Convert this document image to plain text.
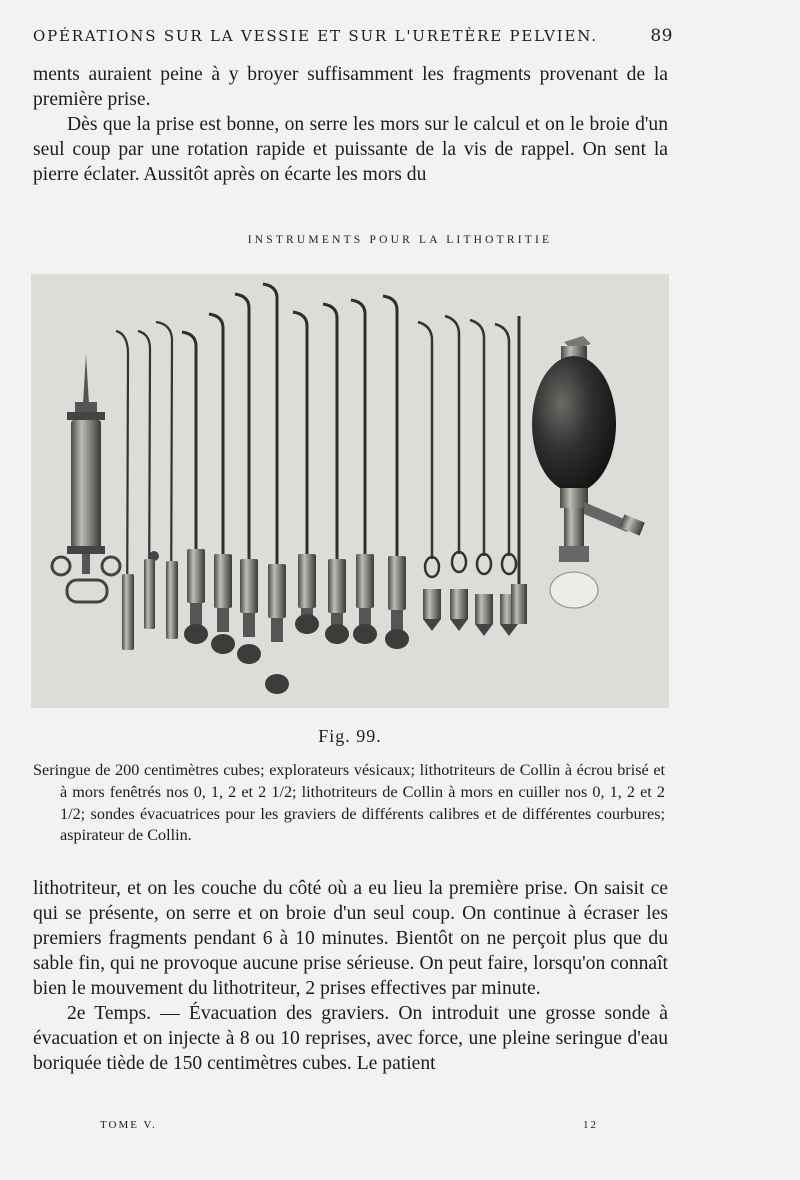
OPÉRATIONS SUR LA VESSIE ET SUR L'URETÈRE PELVIEN.	89

ments auraient peine à y broyer suffisamment les fragments provenant de la première prise.

Dès que la prise est bonne, on serre les mors sur le calcul et on le broie d'un seul coup par une rotation rapide et puissante de la vis de rappel. On sent la pierre éclater. Aussitôt après on écarte les mors du

INSTRUMENTS POUR LA LITHOTRITIE
Fig. 99.

Seringue de 200 centimètres cubes; explorateurs vésicaux; lithotriteurs de Collin à écrou brisé et à mors fenêtrés nos 0, 1, 2 et 2 1/2; lithotriteurs de Collin à mors en cuiller nos 0, 1, 2 et 2 1/2; sondes évacuatrices pour les graviers de différents calibres et de différentes courbures; aspirateur de Collin.

lithotriteur, et on les couche du côté où a eu lieu la première prise. On saisit ce qui se présente, on serre et on broie d'un seul coup. On continue à écraser les premiers fragments pendant 6 à 10 minutes. Bientôt on ne perçoit plus que du sable fin, qui ne provoque aucune prise sérieuse. On peut faire, lorsqu'on connaît bien le mouvement du lithotriteur, 2 prises effectives par minute.

2e Temps. — Évacuation des graviers. On introduit une grosse sonde à évacuation et on injecte à 8 ou 10 reprises, avec force, une pleine seringue d'eau boriquée tiède de 150 centimètres cubes. Le patient

TOME V.	12
